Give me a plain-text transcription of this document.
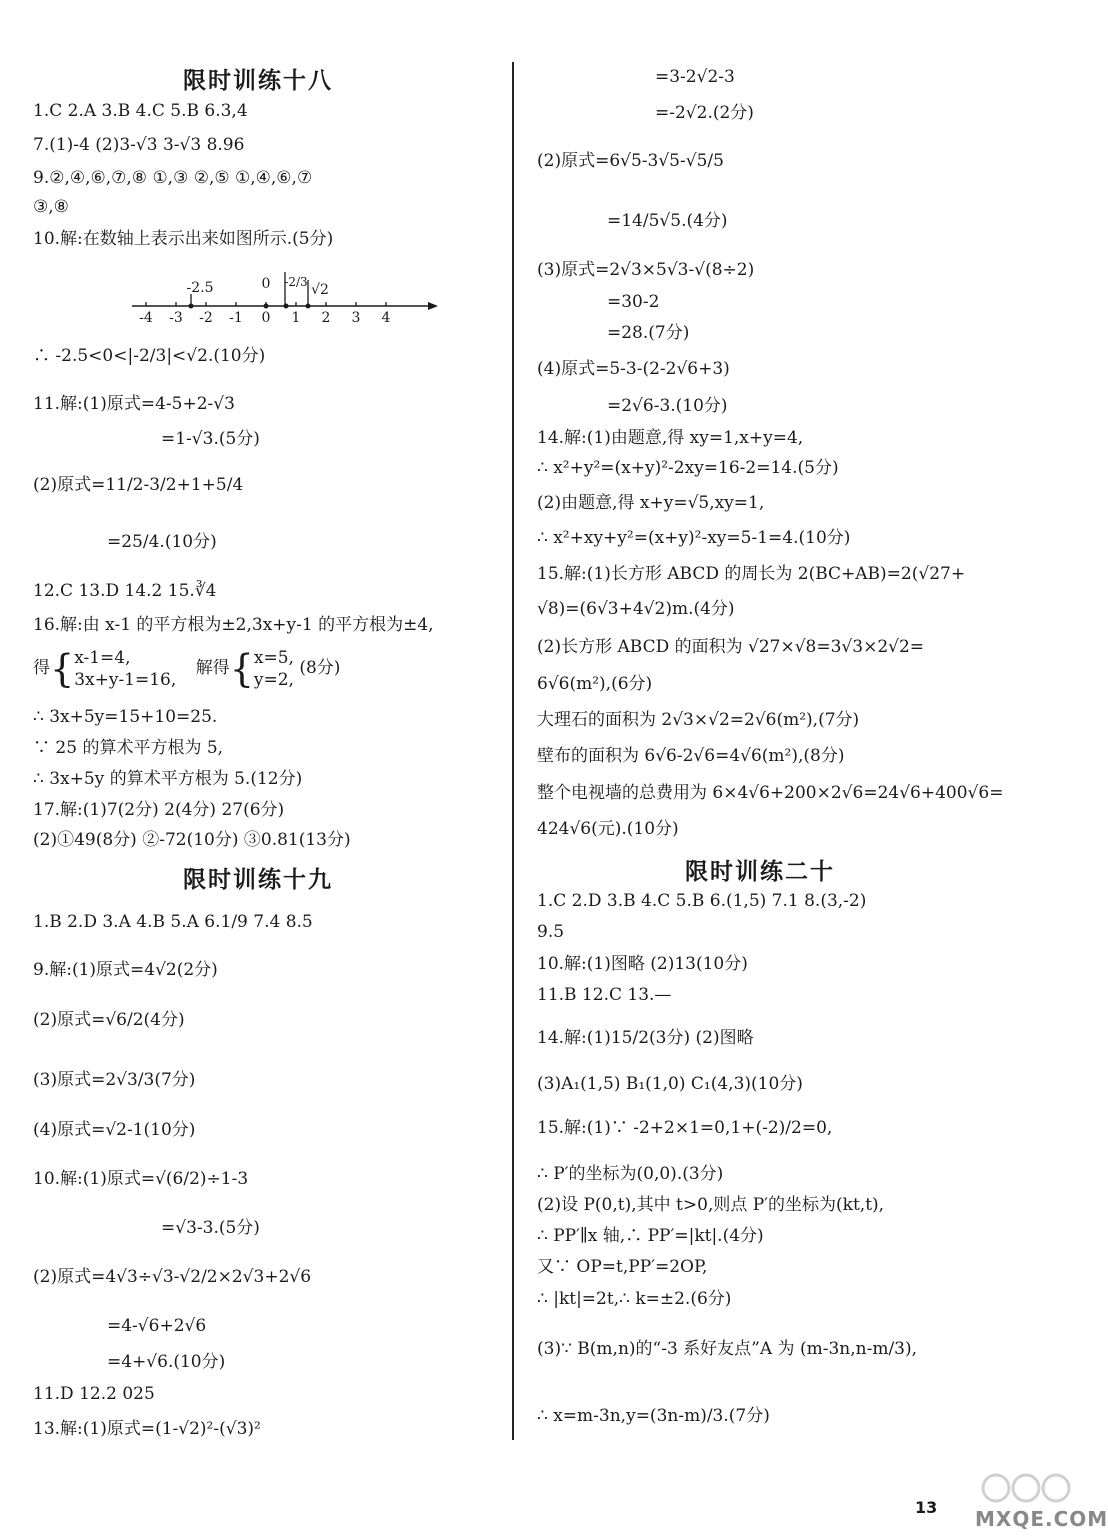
限时训练十八
1.C 2.A 3.B 4.C 5.B 6.3,4
7.(1)-4 (2)3-√3 3-√3 8.96
9.②,④,⑥,⑦,⑧ ①,③ ②,⑤ ①,④,⑥,⑦
③,⑧
10.解:在数轴上表示出来如图所示.(5分)
-2.5	0 -2/3 √2
-4 -3 -2 -1 0 1 2 3 4
∴ -2.5<0<|-2/3|<√2.(10分)
11.解:(1)原式=4-5+2-√3
=1-√3.(5分)
(2)原式=11/2-3/2+1+5/4
=25/4.(10分)
12.C 13.D 14.2 15.∛4
16.解:由 x-1 的平方根为±2,3x+y-1 的平方根为±4,
得{ x-1=4,
3x+y-1=16,
解得{ x=5,
y=2,
(8分)
∴ 3x+5y=15+10=25.
∵ 25 的算术平方根为 5,
∴ 3x+5y 的算术平方根为 5.(12分)
17.解:(1)7(2分) 2(4分) 27(6分)
(2)①49(8分) ②-72(10分) ③0.81(13分)
限时训练十九
1.B 2.D 3.A 4.B 5.A 6.1/9 7.4 8.5
9.解:(1)原式=4√2(2分)
(2)原式=√6/2(4分)
(3)原式=2√3/3(7分)
(4)原式=√2-1(10分)
10.解:(1)原式=√(6/2)÷1-3
=√3-3.(5分)
(2)原式=4√3÷√3-√2/2×2√3+2√6
=4-√6+2√6
=4+√6.(10分)
11.D 12.2 025
13.解:(1)原式=(1-√2)²-(√3)²
=3-2√2-3
=-2√2.(2分)
(2)原式=6√5-3√5-√5/5
=14/5√5.(4分)
(3)原式=2√3×5√3-√(8÷2)
=30-2
=28.(7分)
(4)原式=5-3-(2-2√6+3)
=2√6-3.(10分)
14.解:(1)由题意,得 xy=1,x+y=4,
∴ x²+y²=(x+y)²-2xy=16-2=14.(5分)
(2)由题意,得 x+y=√5,xy=1,
∴ x²+xy+y²=(x+y)²-xy=5-1=4.(10分)
15.解:(1)长方形 ABCD 的周长为 2(BC+AB)=2(√27+
√8)=(6√3+4√2)m.(4分)
(2)长方形 ABCD 的面积为 √27×√8=3√3×2√2=
6√6(m²),(6分)
大理石的面积为 2√3×√2=2√6(m²),(7分)
壁布的面积为 6√6-2√6=4√6(m²),(8分)
整个电视墙的总费用为 6×4√6+200×2√6=24√6+400√6=
424√6(元).(10分)
限时训练二十
1.C 2.D 3.B 4.C 5.B 6.(1,5) 7.1 8.(3,-2)
9.5
10.解:(1)图略 (2)13(10分)
11.B 12.C 13.—
14.解:(1)15/2(3分) (2)图略
(3)A₁(1,5) B₁(1,0) C₁(4,3)(10分)
15.解:(1)∵ -2+2×1=0,1+(-2)/2=0,
∴ P′的坐标为(0,0).(3分)
(2)设 P(0,t),其中 t>0,则点 P′的坐标为(kt,t),
∴ PP′∥x 轴,∴ PP′=|kt|.(4分)
又∵ OP=t,PP′=2OP,
∴ |kt|=2t,∴ k=±2.(6分)
(3)∵ B(m,n)的“-3 系好友点”A 为 (m-3n,n-m/3),
∴ x=m-3n,y=(3n-m)/3.(7分)
13 MXQE.COM
